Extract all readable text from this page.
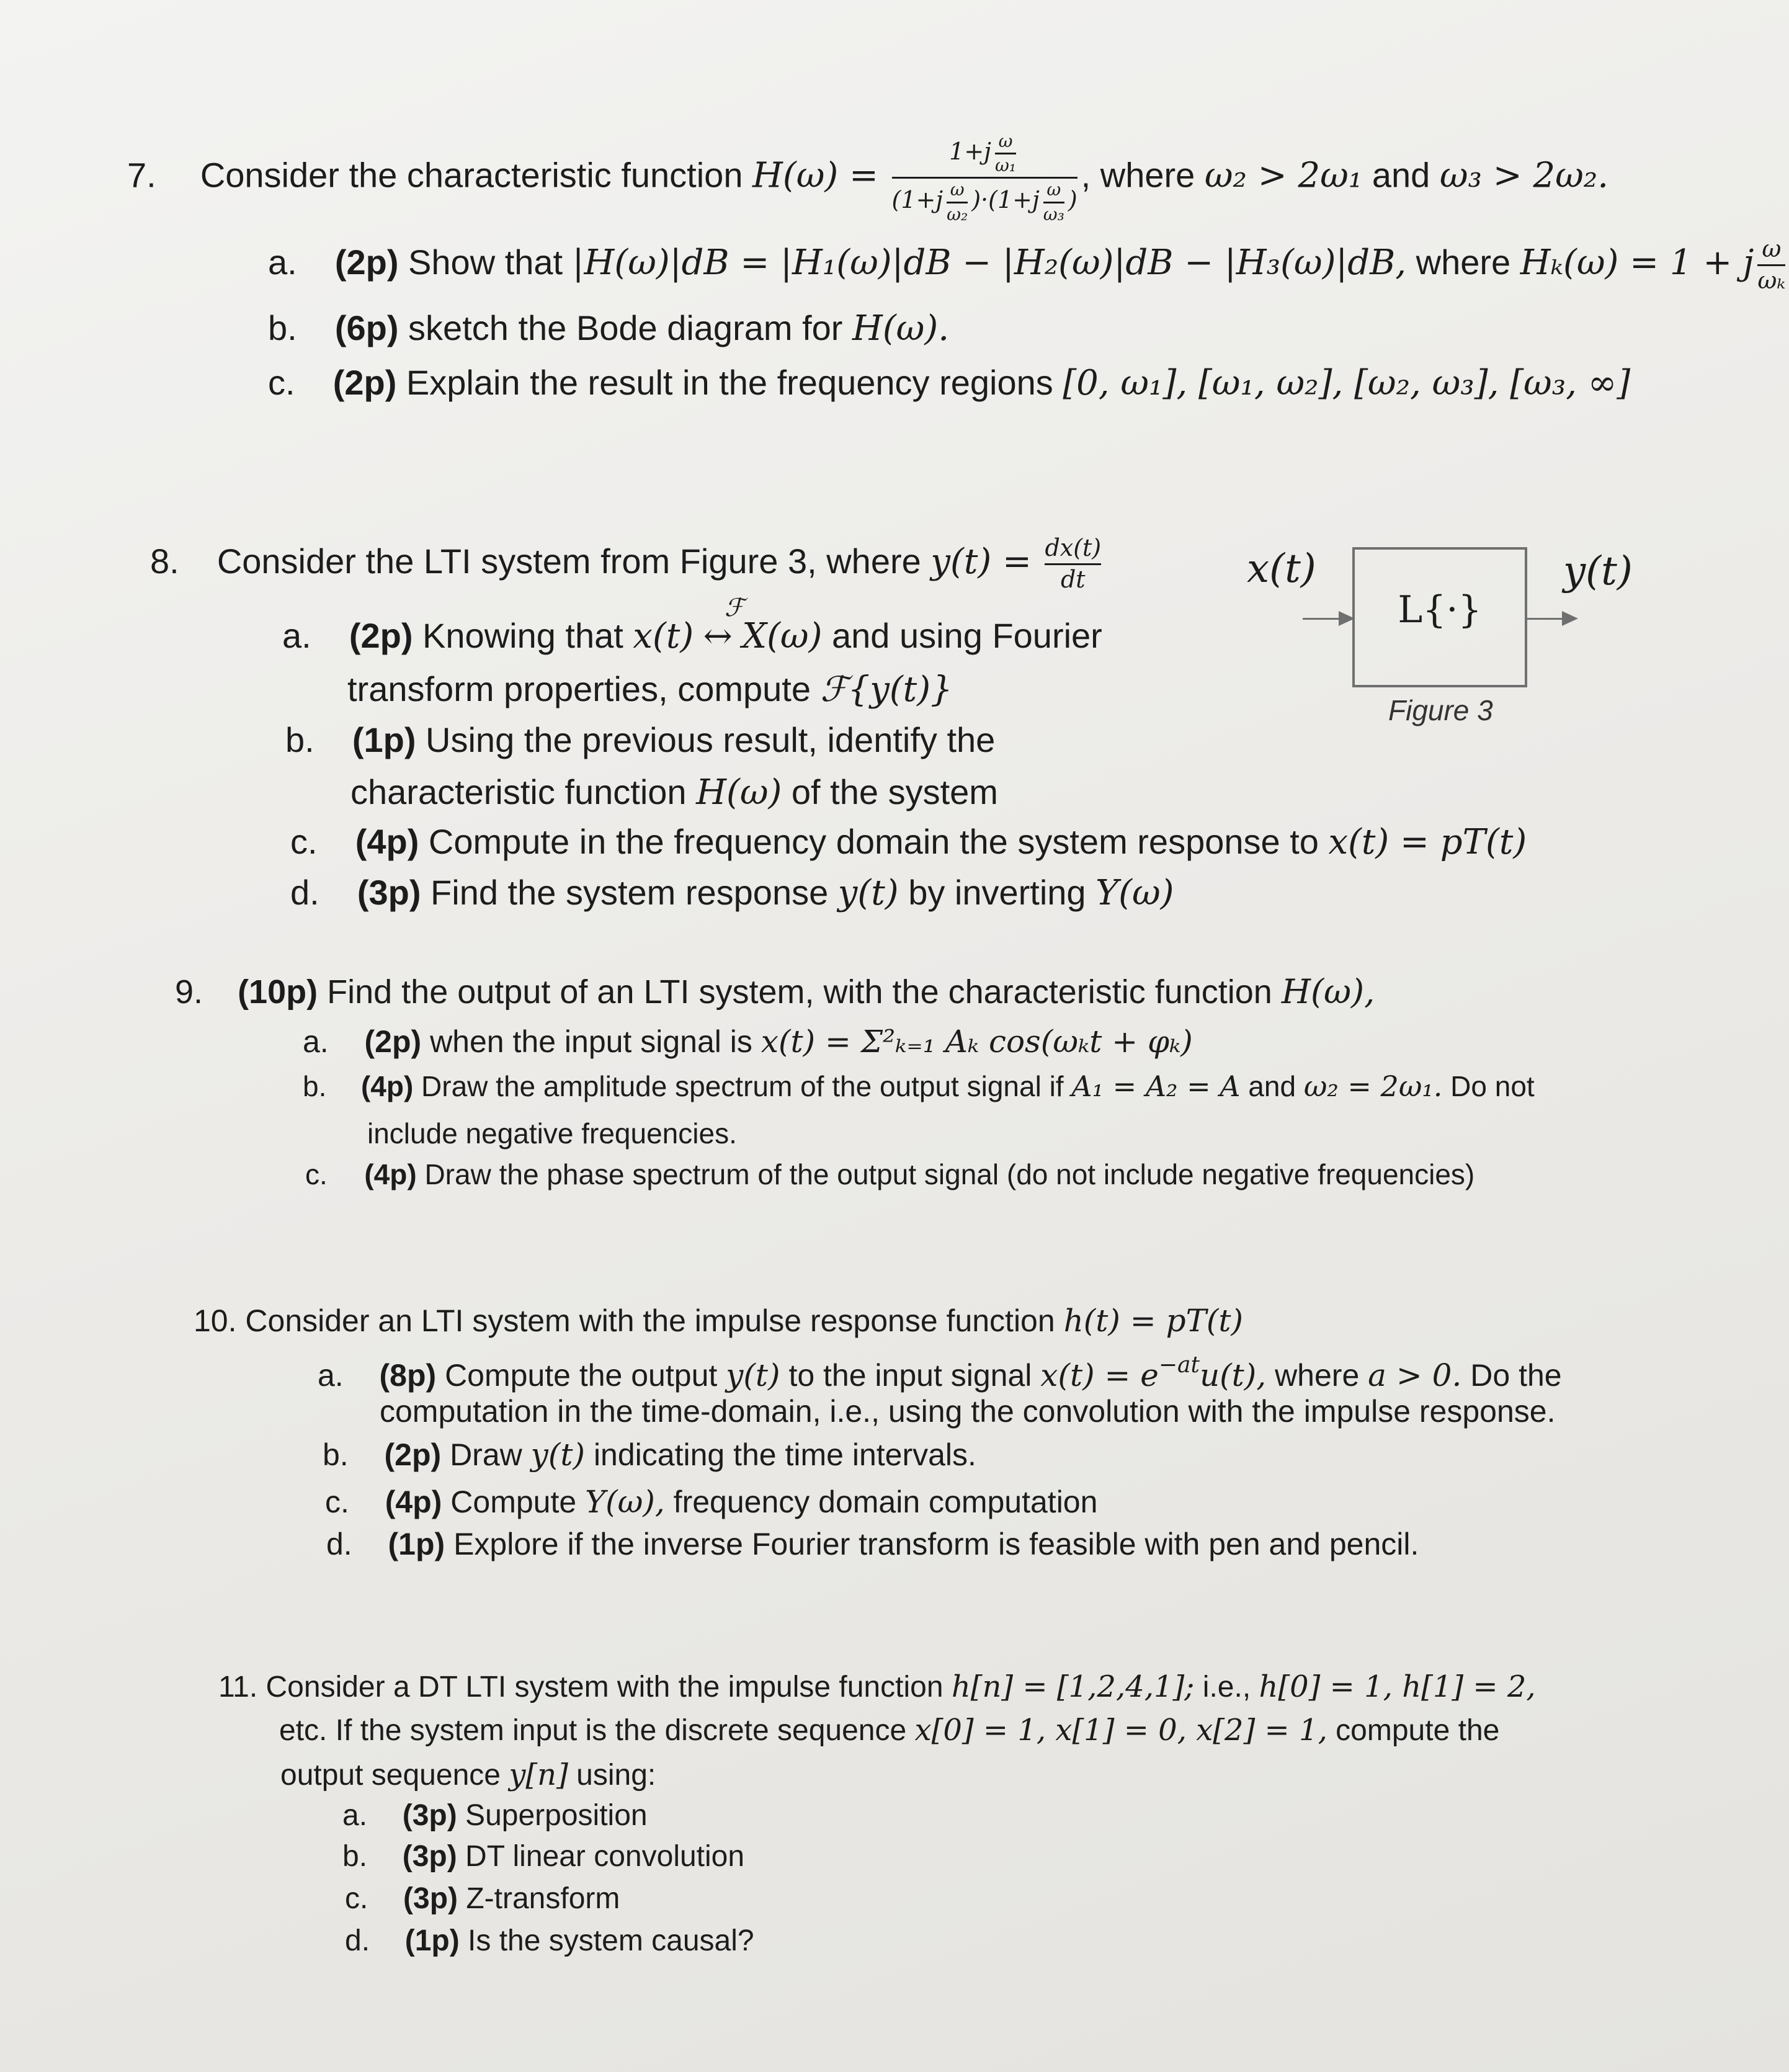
7. Consider the characteristic function $H(\omega) = \frac{1+j \frac{\omega}{\text{ω₁}}}{(1+j \frac{\omega}{\text{ω₂}} )\cdot(1+j \frac{\omega}{\text{ω₃}} )}$ , where ω₂ > 2ω₁ and ω₃ > 2ω₂.
a. (2p) Show that |H(ω)|dB = |H₁(ω)|dB − |H₂(ω)|dB − |H₃(ω)|dB, where Hₖ(ω) = 1 + j $\frac{\omega}{\text{ωₖ}}$
b. (6p) sketch the Bode diagram for H(ω).
c. (2p) Explain the result in the frequency regions [0, ω₁], [ω₁, ω₂], [ω₂, ω₃], [ω₃, ∞]
8. Consider the LTI system from Figure 3, where $y(t) = \frac{dx(t)}{dt}$
ℱ
a. (2p) Knowing that x(t) ↔ X(ω) and using Fourier
transform properties, compute ℱ{y(t)}
b. (1p) Using the previous result, identify the
characteristic function H(ω) of the system
c. (4p) Compute in the frequency domain the system response to x(t) = pT(t)
d. (3p) Find the system response y(t) by inverting Y(ω)
x(t)
L{·}
y(t)
Figure 3
9. (10p) Find the output of an LTI system, with the characteristic function H(ω),
a. (2p) when the input signal is x(t) = Σ²ₖ₌₁ Aₖ cos(ωₖt + φₖ)
b. (4p) Draw the amplitude spectrum of the output signal if A₁ = A₂ = A and ω₂ = 2ω₁. Do not
include negative frequencies.
c. (4p) Draw the phase spectrum of the output signal (do not include negative frequencies)
10. Consider an LTI system with the impulse response function h(t) = pT(t)
a. (8p) Compute the output y(t) to the input signal $x(t) = e^{-at}u(t)$, where a > 0. Do the
computation in the time-domain, i.e., using the convolution with the impulse response.
b. (2p) Draw y(t) indicating the time intervals.
c. (4p) Compute Y(ω), frequency domain computation
d. (1p) Explore if the inverse Fourier transform is feasible with pen and pencil.
11. Consider a DT LTI system with the impulse function h[n] = [1,2,4,1]; i.e., h[0] = 1, h[1] = 2,
etc. If the system input is the discrete sequence x[0] = 1, x[1] = 0, x[2] = 1, compute the
output sequence y[n] using:
a. (3p) Superposition
b. (3p) DT linear convolution
c. (3p) Z-transform
d. (1p) Is the system causal?
